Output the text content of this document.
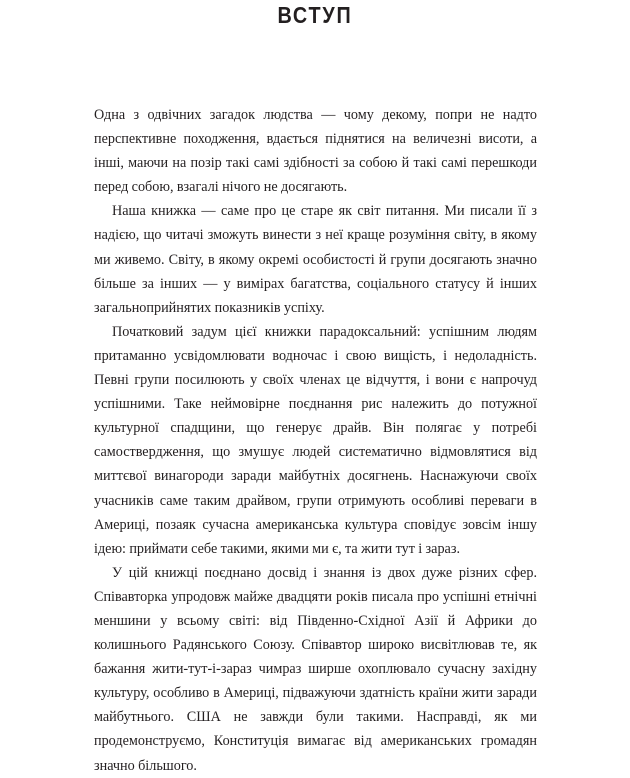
ВСТУП

Одна з одвічних загадок людства — чому декому, попри не надто перспективне походження, вдається піднятися на величезні висоти, а інші, маючи на позір такі самі здібності за собою й такі самі перешкоди перед собою, взагалі нічого не досягають.

Наша книжка — саме про це старе як світ питання. Ми писали її з надією, що читачі зможуть винести з неї краще розуміння світу, в якому ми живемо. Світу, в якому окремі особистості й групи досягають значно більше за інших — у вимірах багатства, соціального статусу й інших загальноприйнятих показників успіху.

Початковий задум цієї книжки парадоксальний: успішним людям притаманно усвідомлювати водночас і свою вищість, і недоладність. Певні групи посилюють у своїх членах це відчуття, і вони є напрочуд успішними. Таке неймовірне поєднання рис належить до потужної культурної спадщини, що генерує драйв. Він полягає у потребі самоствердження, що змушує людей систематично відмовлятися від миттєвої винагороди заради майбутніх досягнень. Наснажуючи своїх учасників саме таким драйвом, групи отримують особливі переваги в Америці, позаяк сучасна американська культура сповідує зовсім іншу ідею: приймати себе такими, якими ми є, та жити тут і зараз.

У цій книжці поєднано досвід і знання із двох дуже різних сфер. Співавторка упродовж майже двадцяти років писала про успішні етнічні меншини у всьому світі: від Південно-Східної Азії й Африки до колишнього Радянського Союзу. Співавтор широко висвітлював те, як бажання жити-тут-і-зараз чимраз ширше охоплювало сучасну західну культуру, особливо в Америці, підважуючи здатність країни жити заради майбутнього. США не завжди були такими. Насправді, як ми продемонструємо, Конституція вимагає від американських громадян значно більшого.
